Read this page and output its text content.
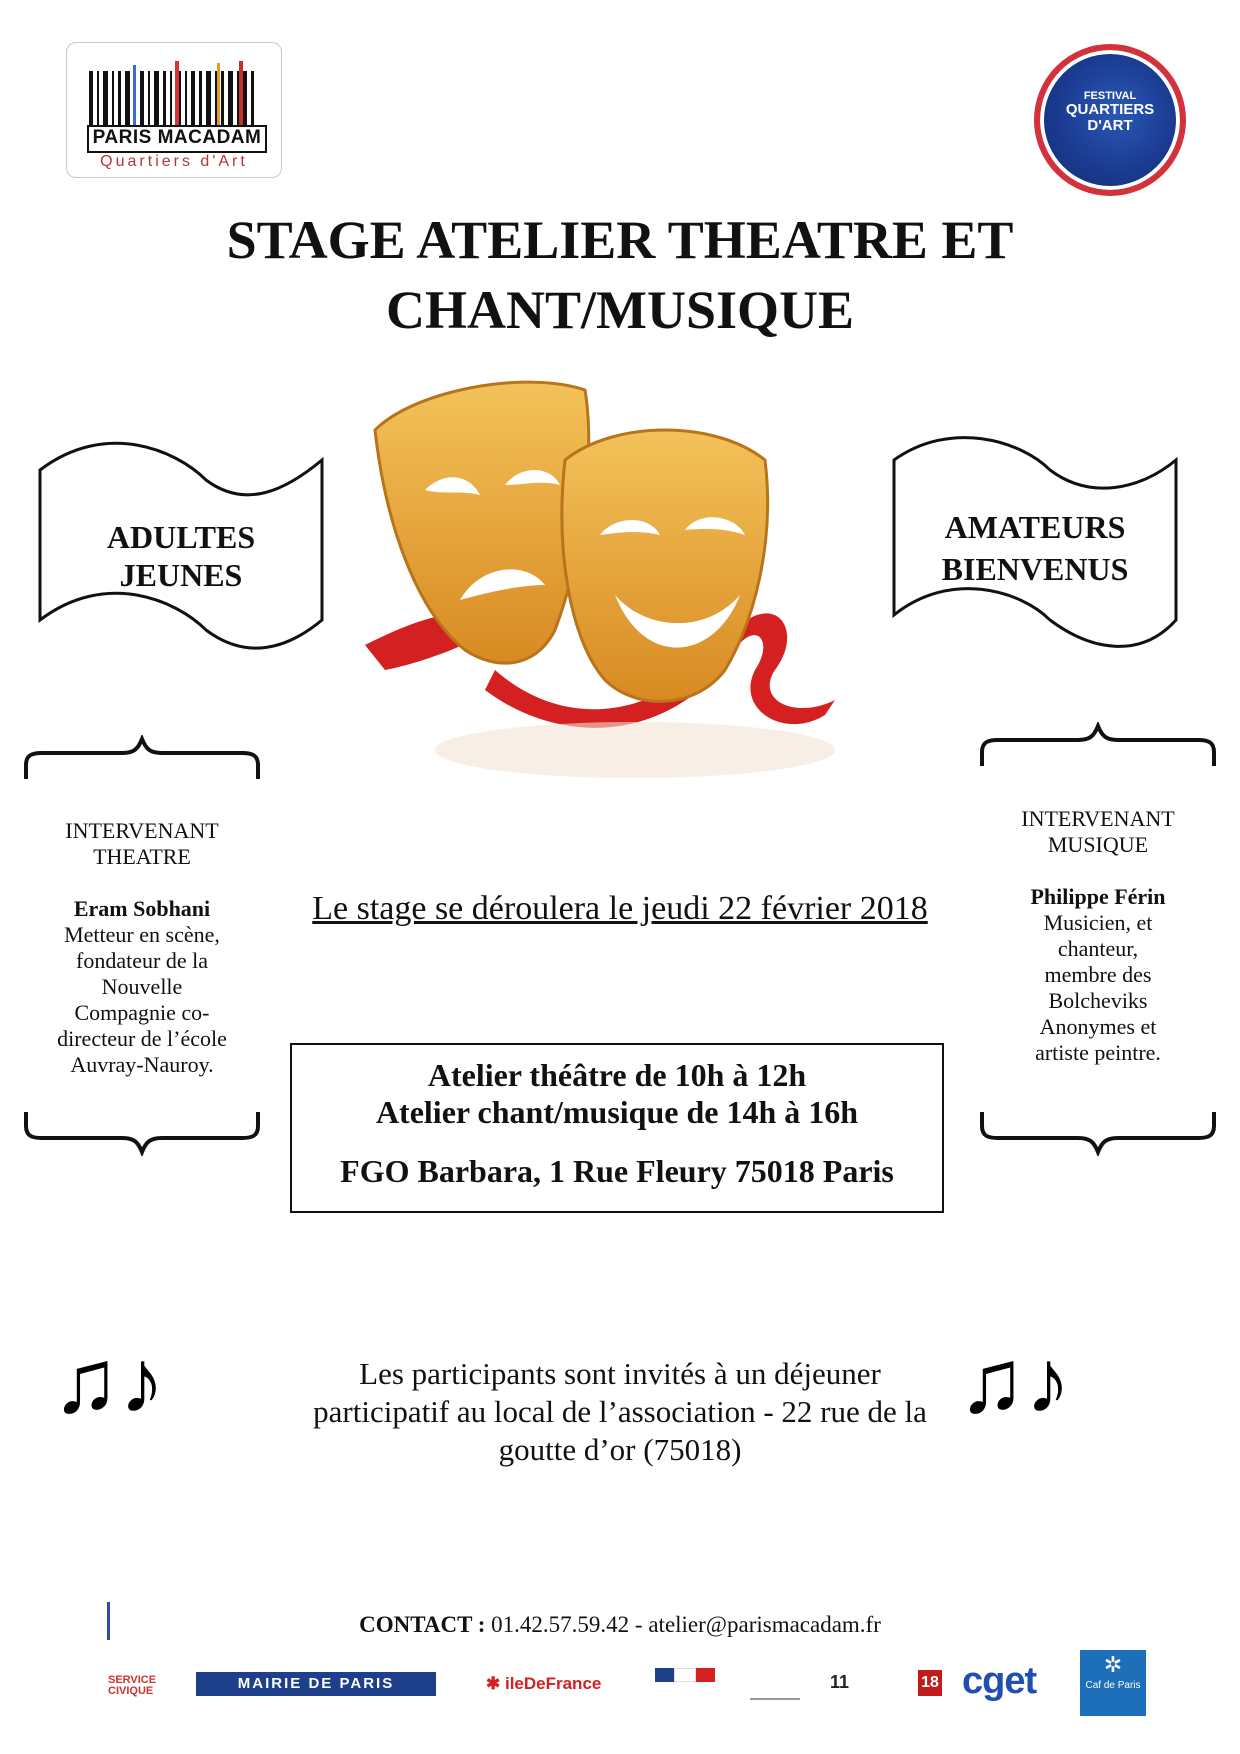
PARIS MACADAM
Quartiers d'Art
FESTIVAL
QUARTIERS
D'ART
STAGE ATELIER THEATRE ET
CHANT/MUSIQUE
ADULTES
JEUNES
AMATEURS
BIENVENUS
INTERVENANT
THEATRE
Eram Sobhani
Metteur en scène,
fondateur de la
Nouvelle
Compagnie co-
directeur de l’école
Auvray-Nauroy.
INTERVENANT
MUSIQUE
Philippe Férin
Musicien, et
chanteur,
membre des
Bolcheviks
Anonymes et
artiste peintre.
Le stage se déroulera le jeudi 22 février 2018
Atelier théâtre de 10h à 12h
Atelier chant/musique de 14h à 16h
FGO Barbara, 1 Rue Fleury 75018 Paris
♫♪	♫♪
Les participants sont invités à un déjeuner
participatif au local de l’association - 22 rue de la
goutte d’or (75018)
CONTACT : 01.42.57.59.42 - atelier@parismacadam.fr
SERVICE CIVIQUE	MAIRIE DE PARIS	✱ ileDeFrance	11	18 cget	✲
Caf de Paris
